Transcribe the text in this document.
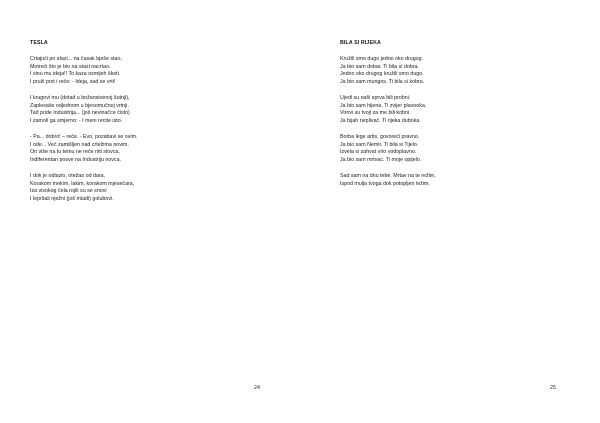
TESLA
Crtajući po stazi... na časak bješe stao,
Motreći što je bio na stazi nacrtao.
I sinu mu ideja!! To kaza osmijeh šketi.
I pruži prst i reče: - Ideja, sad se vrti!
I krugovi mu (dotad u božanstvenoj šutnji),
Zaplesaše odjednom u bjesomučnoj vrtnji.
Tad pride Indusitrija... (još nevinačce čisto)
I zamoli ga smjerno: - I meni recite isto.
- Pa... dobro! – reče. - Evo, pozabavi se ovim.
I ode... Već zamišljen nad crtežima novim.
On više na tu temu ne reče niti slovca,
Indiferentan posve na Industriju novca.
I dok je odlazio, otežao od dara,
Korakom mekim, lakim, korakom mjesečara,
Iza visokog čela rojili su se snovi
I lepršali nježni (još mladi) golubovi.
24
BILA SI RIJEKA
Kružili smo dugo jedno oko drugog.
Ja bio sam dobar. Ti bila si dobra.
Jedno oko drugog kružili smo dugo.
Ja bio sam mungos. Ti bila si kobra.
Ujedi su naši sprva bili probni.
Ja bio sam hijena. Ti zvijer plavooka.
Virovi su tvoji za me bili kobni.
Ja bijah neplivač. Ti rijeka duboka.
Borba lege artis, govoreći pravno.
Ja bio sam Nemir. Ti bila si Tijelo.
Izvela si zahvat vrlo vodoplavno.
Ja bio sam mrtvac. Ti moje opijelo.
Sad sam na dnu tebe. Mrtav na te režim,
Ispod mulja tvoga dok potopljen ležim.
25
